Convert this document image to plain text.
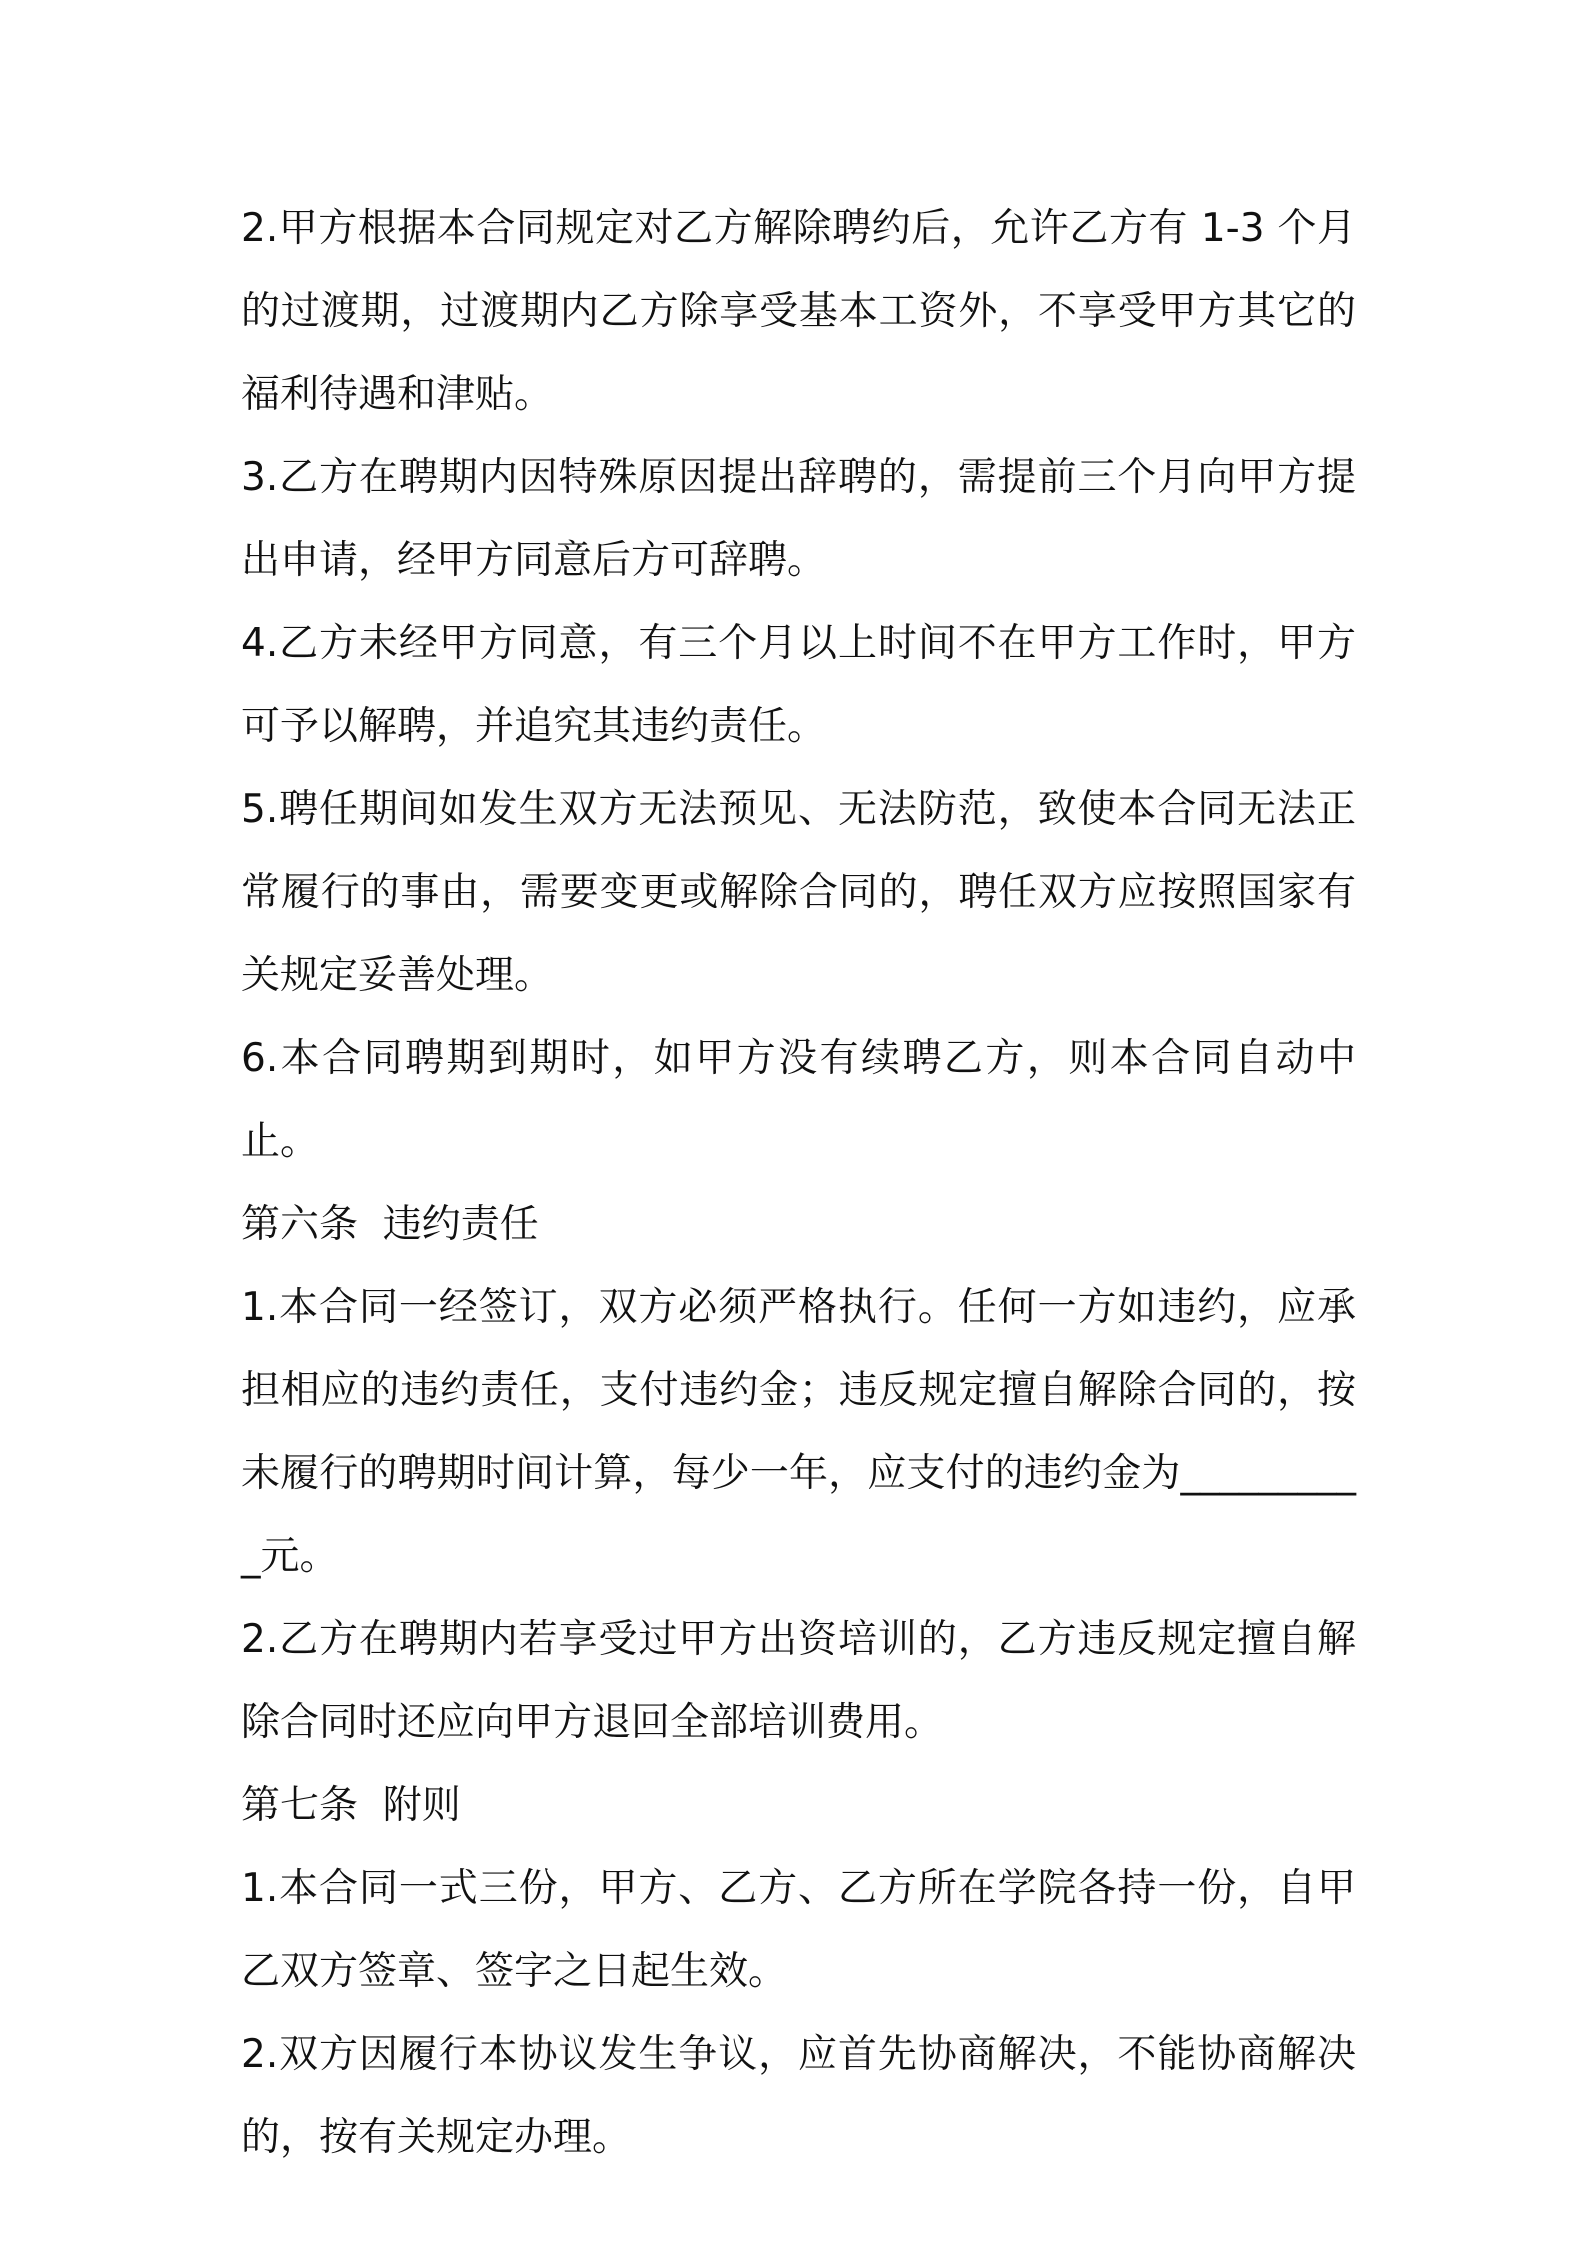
2.甲方根据本合同规定对乙方解除聘约后，允许乙方有 1-3 个月的过渡期，过渡期内乙方除享受基本工资外，不享受甲方其它的福利待遇和津贴。

3.乙方在聘期内因特殊原因提出辞聘的，需提前三个月向甲方提出申请，经甲方同意后方可辞聘。

4.乙方未经甲方同意，有三个月以上时间不在甲方工作时，甲方可予以解聘，并追究其违约责任。

5.聘任期间如发生双方无法预见、无法防范，致使本合同无法正常履行的事由，需要变更或解除合同的，聘任双方应按照国家有关规定妥善处理。

6.本合同聘期到期时，如甲方没有续聘乙方，则本合同自动中止。

第六条  违约责任

1.本合同一经签订，双方必须严格执行。任何一方如违约，应承担相应的违约责任，支付违约金；违反规定擅自解除合同的，按未履行的聘期时间计算，每少一年，应支付的违约金为__________元。

2.乙方在聘期内若享受过甲方出资培训的，乙方违反规定擅自解除合同时还应向甲方退回全部培训费用。

第七条  附则

1.本合同一式三份，甲方、乙方、乙方所在学院各持一份，自甲乙双方签章、签字之日起生效。

2.双方因履行本协议发生争议，应首先协商解决，不能协商解决的，按有关规定办理。
